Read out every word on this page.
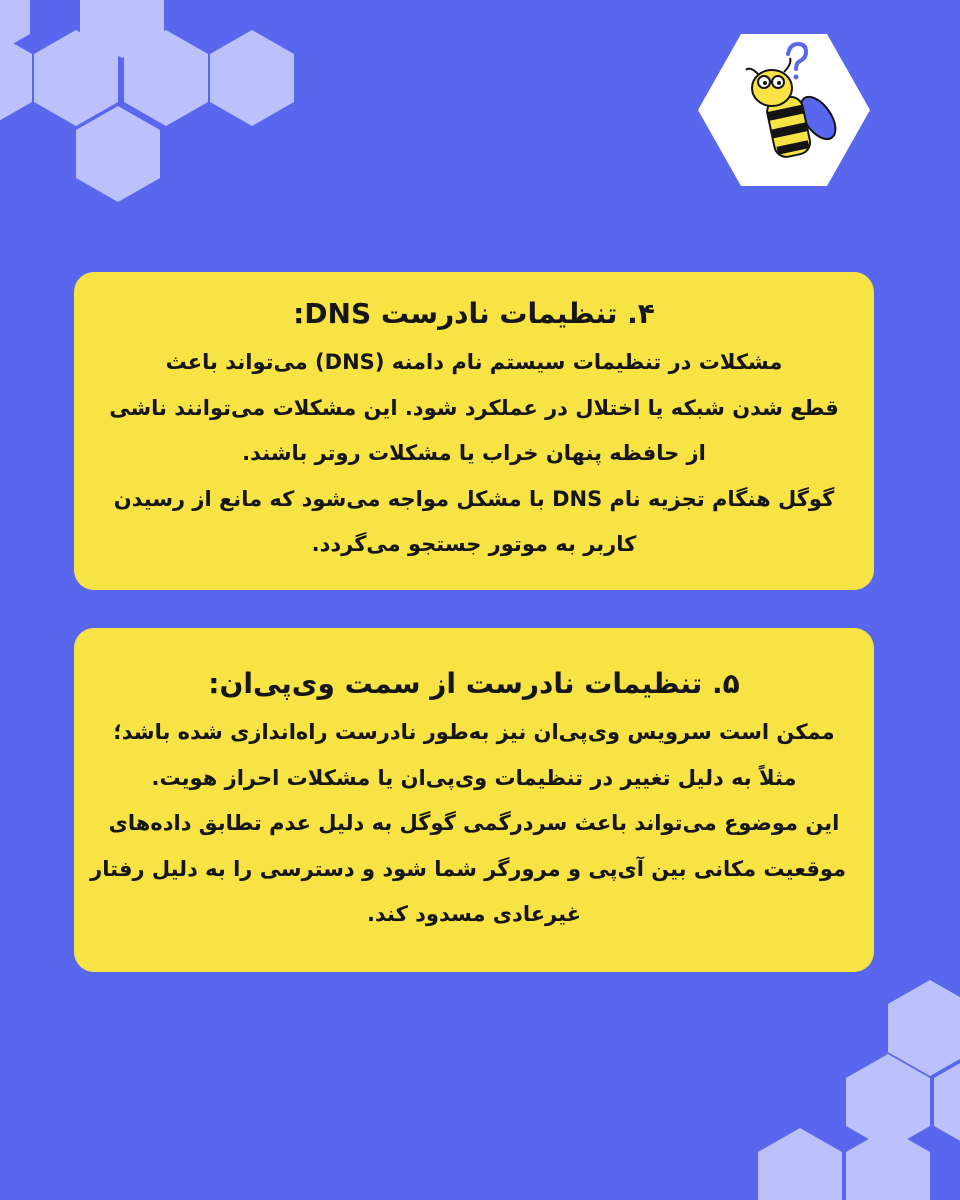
۴. تنظیمات نادرست DNS:

مشکلات در تنظیمات سیستم نام دامنه (DNS) می‌تواند باعث

قطع شدن شبکه یا اختلال در عملکرد شود. این مشکلات می‌توانند ناشی

از حافظه پنهان خراب یا مشکلات روتر باشند.

گوگل هنگام تجزیه نام DNS با مشکل مواجه می‌شود که مانع از رسیدن

کاربر به موتور جستجو می‌گردد.

۵. تنظیمات نادرست از سمت وی‌پی‌ان:

ممکن است سرویس وی‌پی‌ان نیز به‌طور نادرست راه‌اندازی شده باشد؛

مثلاً به دلیل تغییر در تنظیمات وی‌پی‌ان یا مشکلات احراز هویت.

این موضوع می‌تواند باعث سردرگمی گوگل به دلیل عدم تطابق داده‌های

موقعیت مکانی بین آی‌پی و مرورگر شما شود و دسترسی را به دلیل رفتار

غیرعادی مسدود کند.
